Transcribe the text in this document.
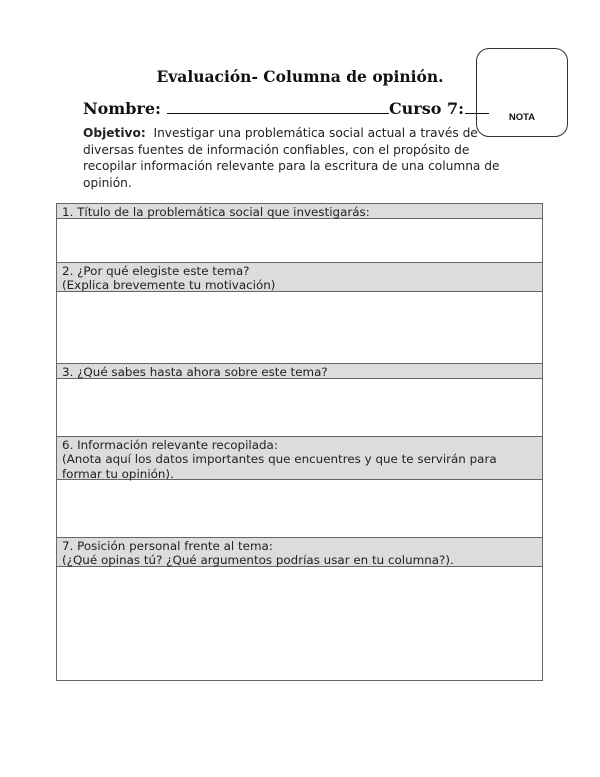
Evaluación- Columna de opinión.
Nombre:	Curso 7:	NOTA
Objetivo: Investigar una problemática social actual a través de diversas fuentes de información confiables, con el propósito de recopilar información relevante para la escritura de una columna de opinión.
1. Título de la problemática social que investigarás:
2. ¿Por qué elegiste este tema?
(Explica brevemente tu motivación)
3. ¿Qué sabes hasta ahora sobre este tema?
6. Información relevante recopilada:
(Anota aquí los datos importantes que encuentres y que te servirán para formar tu opinión).
7. Posición personal frente al tema:
(¿Qué opinas tú? ¿Qué argumentos podrías usar en tu columna?).
